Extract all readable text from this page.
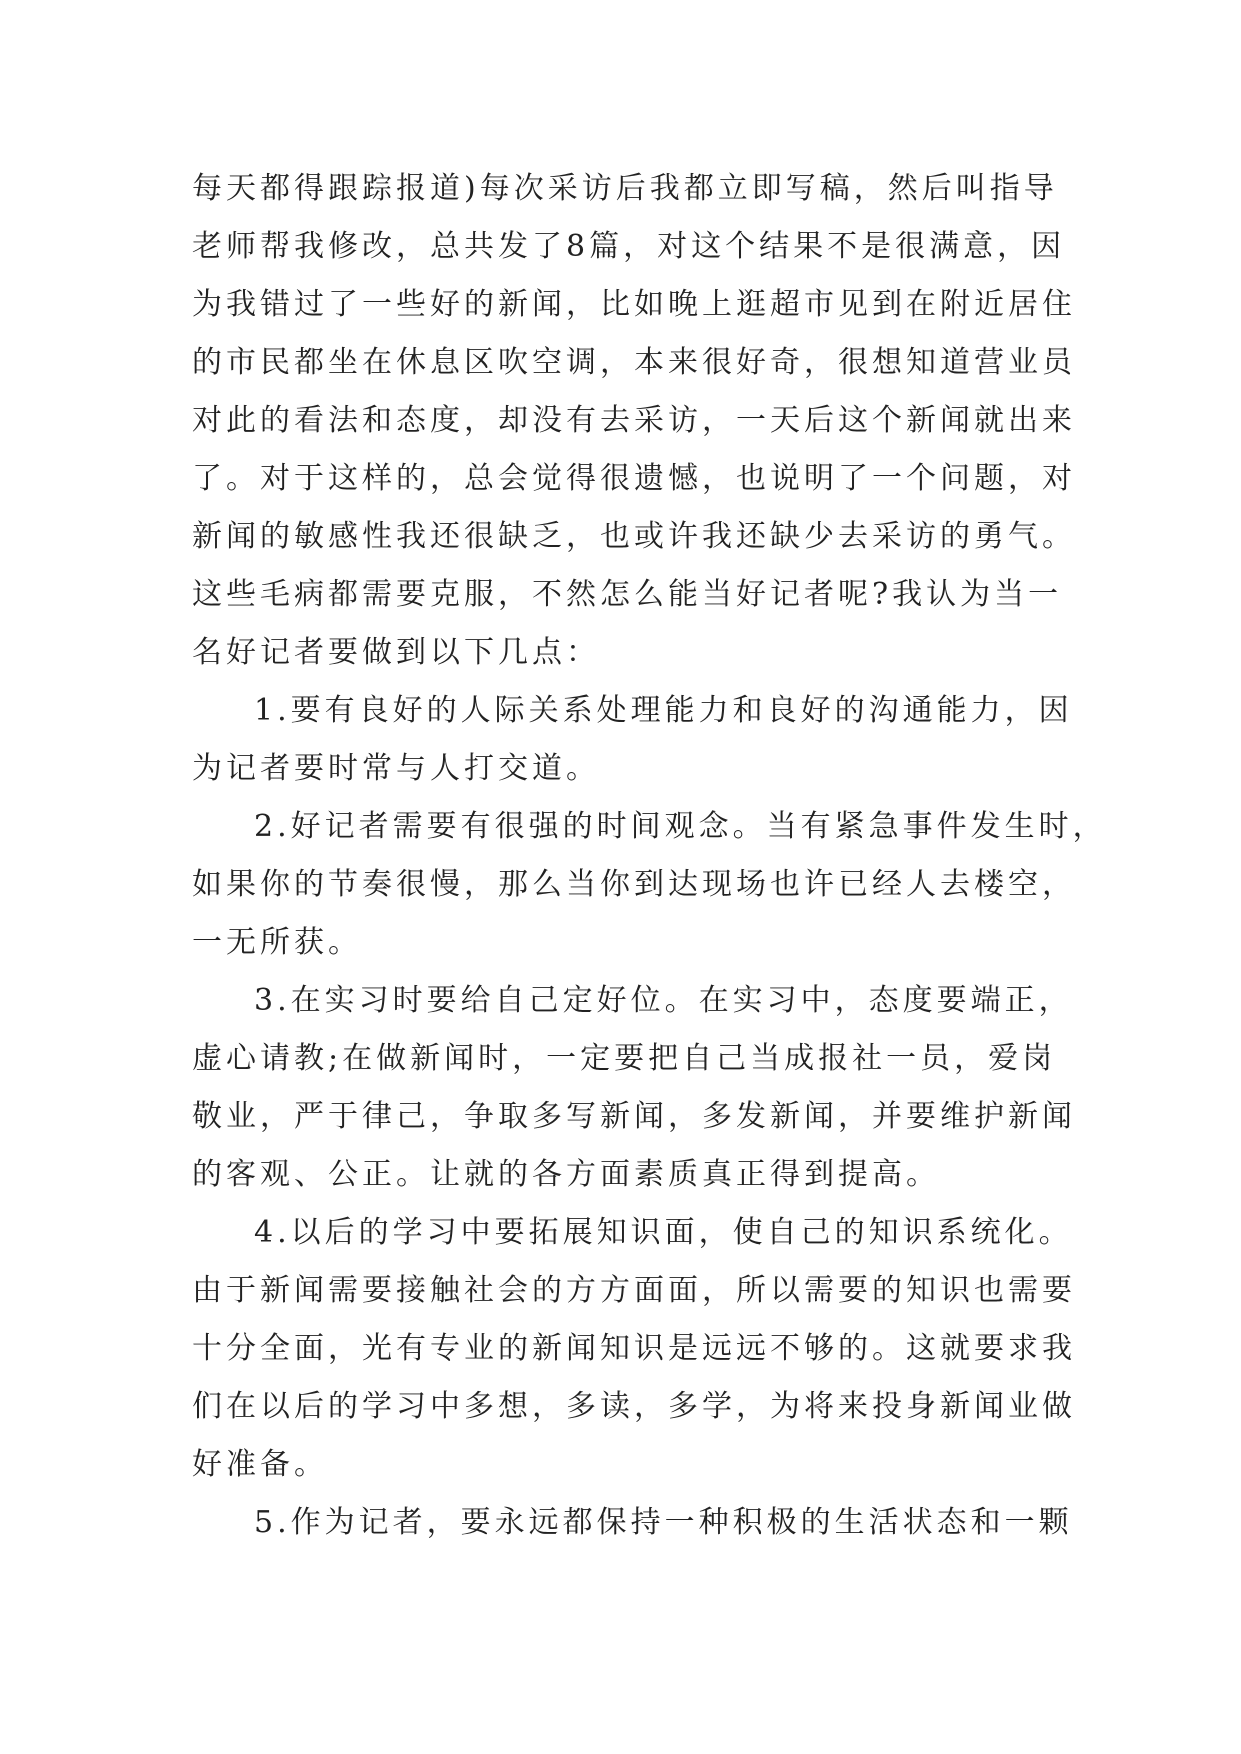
每天都得跟踪报道)每次采访后我都立即写稿，然后叫指导
老师帮我修改，总共发了8篇，对这个结果不是很满意，因
为我错过了一些好的新闻，比如晚上逛超市见到在附近居住
的市民都坐在休息区吹空调，本来很好奇，很想知道营业员
对此的看法和态度，却没有去采访，一天后这个新闻就出来
了。对于这样的，总会觉得很遗憾，也说明了一个问题，对
新闻的敏感性我还很缺乏，也或许我还缺少去采访的勇气。
这些毛病都需要克服，不然怎么能当好记者呢?我认为当一
名好记者要做到以下几点：
1.要有良好的人际关系处理能力和良好的沟通能力，因
为记者要时常与人打交道。
2.好记者需要有很强的时间观念。当有紧急事件发生时，
如果你的节奏很慢，那么当你到达现场也许已经人去楼空，
一无所获。
3.在实习时要给自己定好位。在实习中，态度要端正，
虚心请教;在做新闻时，一定要把自己当成报社一员，爱岗
敬业，严于律己，争取多写新闻，多发新闻，并要维护新闻
的客观、公正。让就的各方面素质真正得到提高。
4.以后的学习中要拓展知识面，使自己的知识系统化。
由于新闻需要接触社会的方方面面，所以需要的知识也需要
十分全面，光有专业的新闻知识是远远不够的。这就要求我
们在以后的学习中多想，多读，多学，为将来投身新闻业做
好准备。
5.作为记者，要永远都保持一种积极的生活状态和一颗
